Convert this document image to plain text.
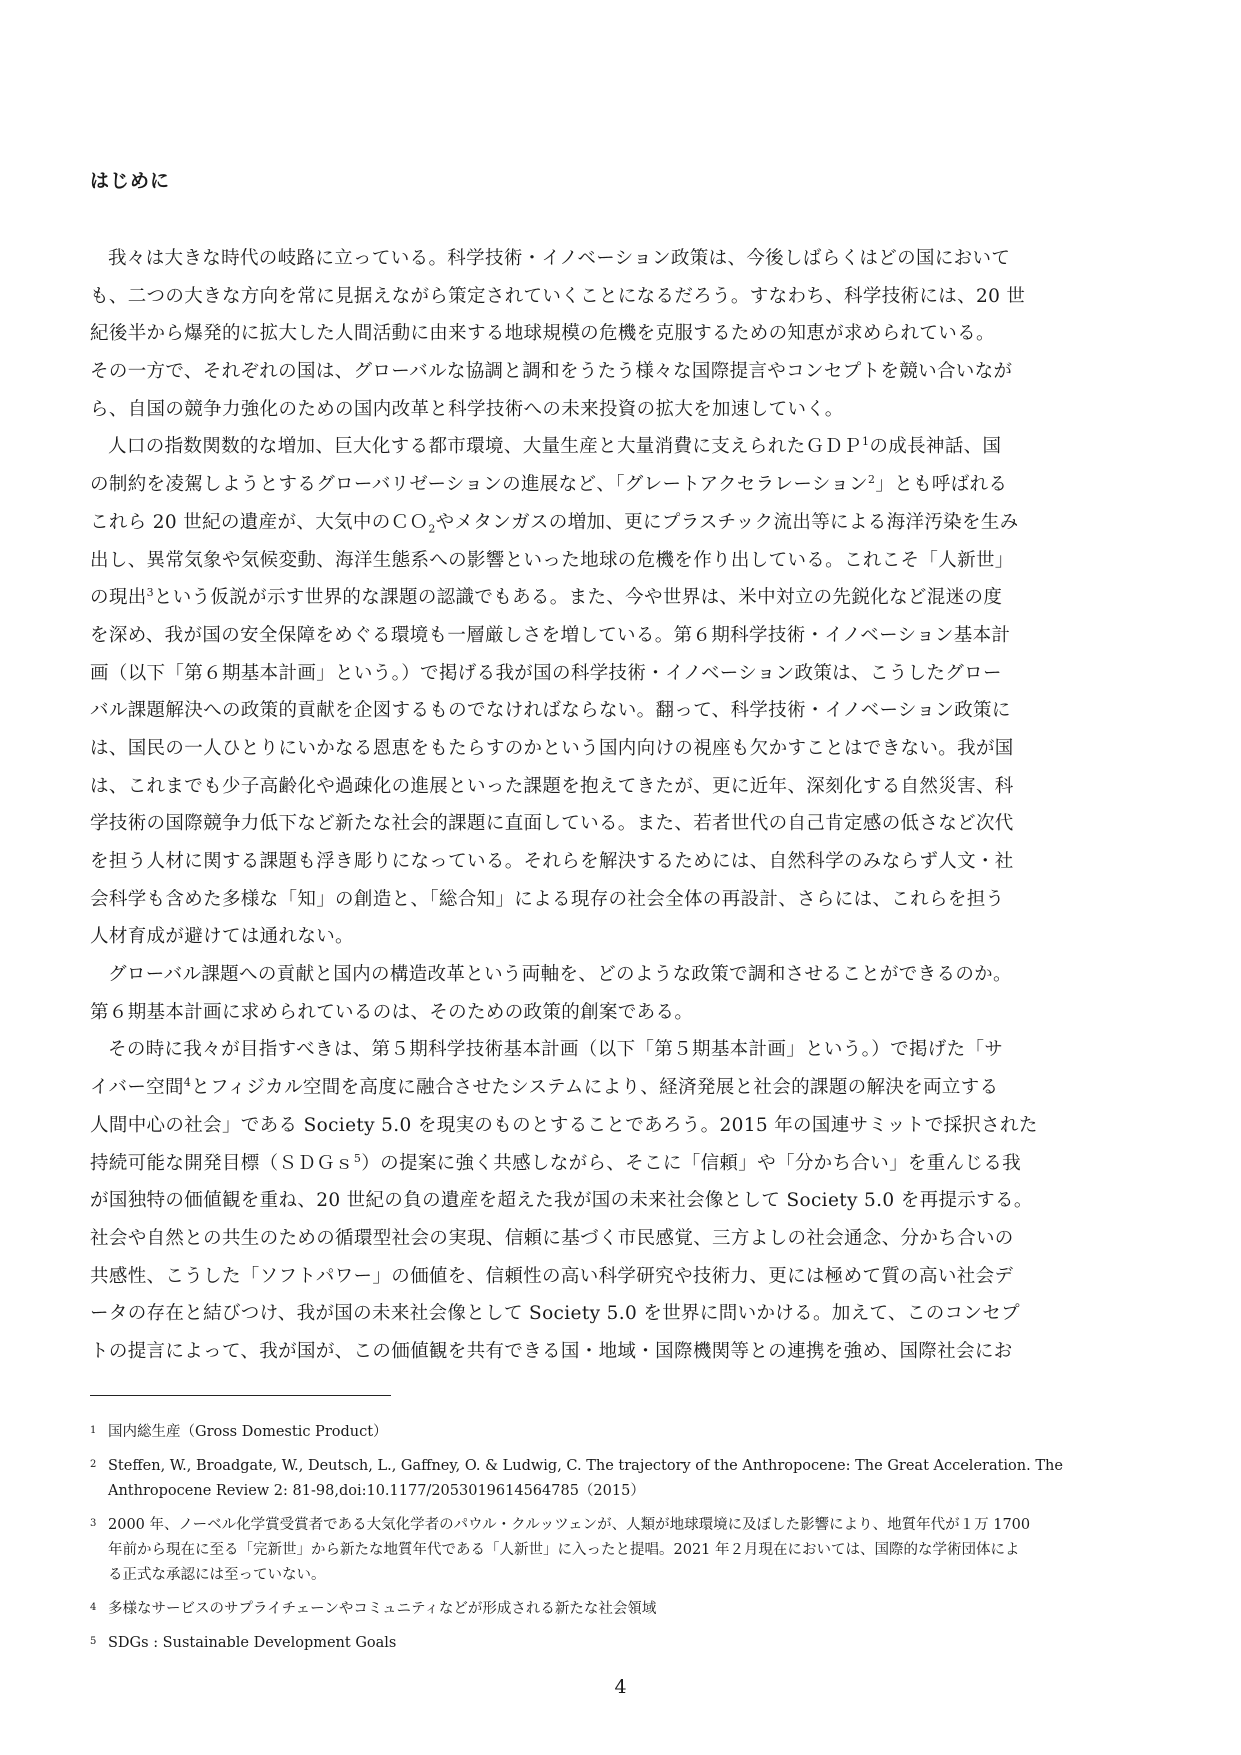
はじめに
我々は大きな時代の岐路に立っている。科学技術・イノベーション政策は、今後しばらくはどの国において
も、二つの大きな方向を常に見据えながら策定されていくことになるだろう。すなわち、科学技術には、20 世
紀後半から爆発的に拡大した人間活動に由来する地球規模の危機を克服するための知恵が求められている。
その一方で、それぞれの国は、グローバルな協調と調和をうたう様々な国際提言やコンセプトを競い合いなが
ら、自国の競争力強化のための国内改革と科学技術への未来投資の拡大を加速していく。
人口の指数関数的な増加、巨大化する都市環境、大量生産と大量消費に支えられたＧＤＰ$^1$の成長神話、国
の制約を凌駕しようとするグローバリゼーションの進展など、「グレートアクセラレーション$^2$」とも呼ばれる
これら 20 世紀の遺産が、大気中のＣＯ$_2$やメタンガスの増加、更にプラスチック流出等による海洋汚染を生み
出し、異常気象や気候変動、海洋生態系への影響といった地球の危機を作り出している。これこそ「人新世」
の現出$^3$という仮説が示す世界的な課題の認識でもある。また、今や世界は、米中対立の先鋭化など混迷の度
を深め、我が国の安全保障をめぐる環境も一層厳しさを増している。第６期科学技術・イノベーション基本計
画（以下「第６期基本計画」という。）で掲げる我が国の科学技術・イノベーション政策は、こうしたグロー
バル課題解決への政策的貢献を企図するものでなければならない。翻って、科学技術・イノベーション政策に
は、国民の一人ひとりにいかなる恩恵をもたらすのかという国内向けの視座も欠かすことはできない。我が国
は、これまでも少子高齢化や過疎化の進展といった課題を抱えてきたが、更に近年、深刻化する自然災害、科
学技術の国際競争力低下など新たな社会的課題に直面している。また、若者世代の自己肯定感の低さなど次代
を担う人材に関する課題も浮き彫りになっている。それらを解決するためには、自然科学のみならず人文・社
会科学も含めた多様な「知」の創造と、「総合知」による現存の社会全体の再設計、さらには、これらを担う
人材育成が避けては通れない。
グローバル課題への貢献と国内の構造改革という両軸を、どのような政策で調和させることができるのか。
第６期基本計画に求められているのは、そのための政策的創案である。
その時に我々が目指すべきは、第５期科学技術基本計画（以下「第５期基本計画」という。）で掲げた「サ
イバー空間$^4$とフィジカル空間を高度に融合させたシステムにより、経済発展と社会的課題の解決を両立する
人間中心の社会」である Society 5.0 を現実のものとすることであろう。2015 年の国連サミットで採択された
持続可能な開発目標（ＳＤＧｓ$^5$）の提案に強く共感しながら、そこに「信頼」や「分かち合い」を重んじる我
が国独特の価値観を重ね、20 世紀の負の遺産を超えた我が国の未来社会像として Society 5.0 を再提示する。
社会や自然との共生のための循環型社会の実現、信頼に基づく市民感覚、三方よしの社会通念、分かち合いの
共感性、こうした「ソフトパワー」の価値を、信頼性の高い科学研究や技術力、更には極めて質の高い社会デ
ータの存在と結びつけ、我が国の未来社会像として Society 5.0 を世界に問いかける。加えて、このコンセプ
トの提言によって、我が国が、この価値観を共有できる国・地域・国際機関等との連携を強め、国際社会にお
1 国内総生産（Gross Domestic Product）
2 Steffen, W., Broadgate, W., Deutsch, L., Gaffney, O. & Ludwig, C. The trajectory of the Anthropocene: The Great Acceleration. The
Anthropocene Review 2: 81-98,doi:10.1177/2053019614564785（2015）
3 2000 年、ノーベル化学賞受賞者である大気化学者のパウル・クルッツェンが、人類が地球環境に及ぼした影響により、地質年代が１万 1700
年前から現在に至る「完新世」から新たな地質年代である「人新世」に入ったと提唱。2021 年２月現在においては、国際的な学術団体によ
る正式な承認には至っていない。
4 多様なサービスのサプライチェーンやコミュニティなどが形成される新たな社会領域
5 SDGs : Sustainable Development Goals
4
